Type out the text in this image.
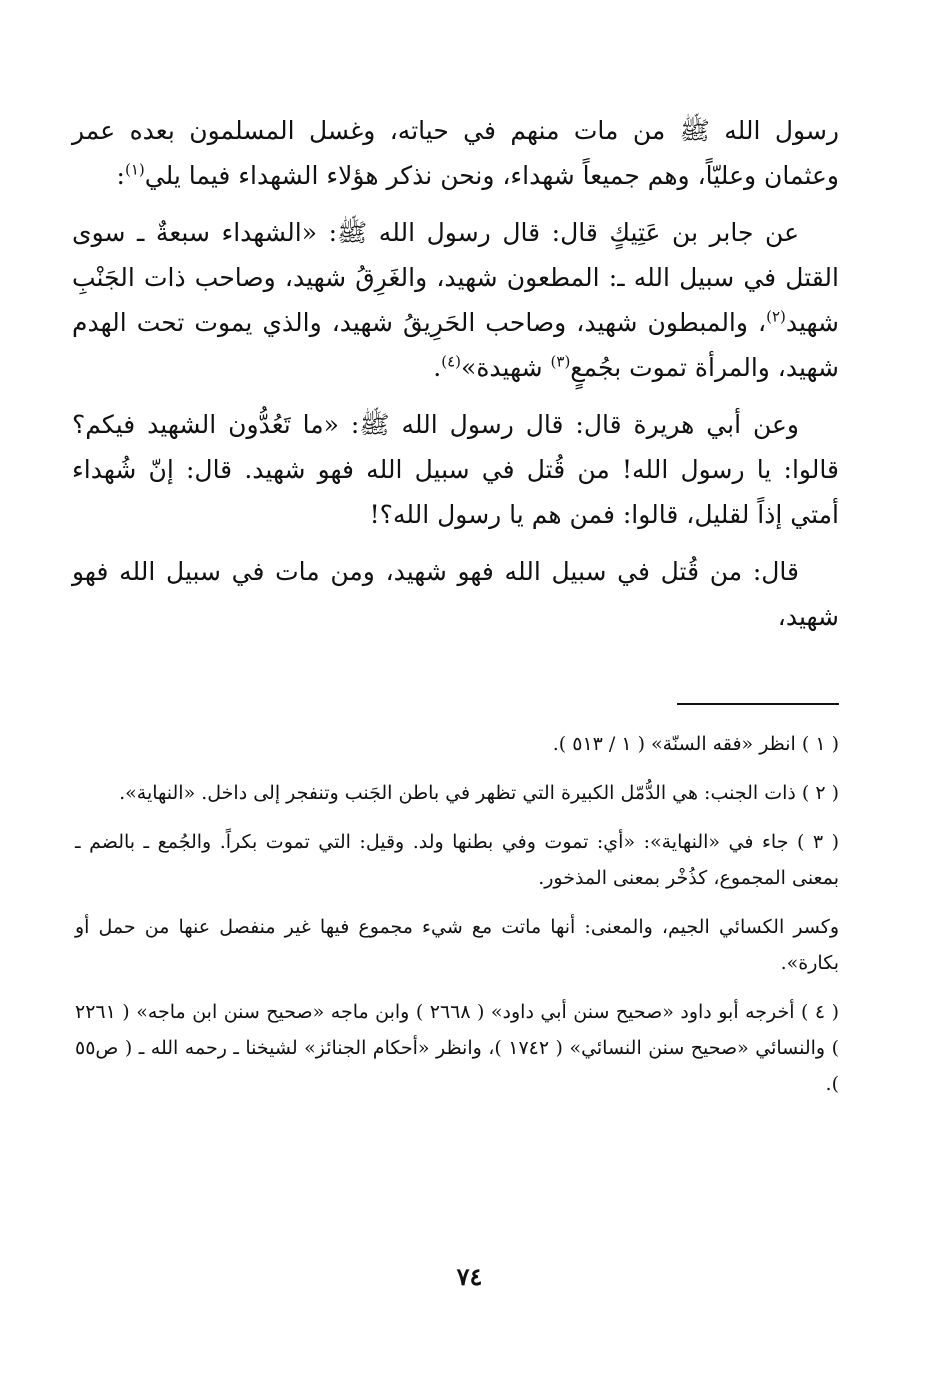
رسول الله ﷺ من مات منهم في حياته، وغسل المسلمون بعده عمر وعثمان وعليّاً، وهم جميعاً شهداء، ونحن نذكر هؤلاء الشهداء فيما يلي$^{(١)}$:

عن جابر بن عَتِيكٍ قال: قال رسول الله ﷺ: «الشهداء سبعةٌ ـ سوى القتل في سبيل الله ـ: المطعون شهيد، والغَرِقُ شهيد، وصاحب ذات الجَنْبِ شهيد$^{(٢)}$، والمبطون شهيد، وصاحب الحَرِيقُ شهيد، والذي يموت تحت الهدم شهيد، والمرأة تموت بجُمعٍ$^{(٣)}$ شهيدة»$^{(٤)}$.

وعن أبي هريرة قال: قال رسول الله ﷺ: «ما تَعُدُّون الشهيد فيكم؟ قالوا: يا رسول الله! من قُتل في سبيل الله فهو شهيد. قال: إنّ شُهداء أمتي إذاً لقليل، قالوا: فمن هم يا رسول الله؟!

قال: من قُتل في سبيل الله فهو شهيد، ومن مات في سبيل الله فهو شهيد،

( ١ ) انظر «فقه السنّة» ( ١ / ٥١٣ ).

( ٢ ) ذات الجنب: هي الدُّمّل الكبيرة التي تظهر في باطن الجَنب وتنفجر إلى داخل. «النهاية».

( ٣ ) جاء في «النهاية»: «أي: تموت وفي بطنها ولد. وقيل: التي تموت بكراً. والجُمع ـ بالضم ـ بمعنى المجموع، كذُخْر بمعنى المذخور.

وكسر الكسائي الجيم، والمعنى: أنها ماتت مع شيء مجموع فيها غير منفصل عنها من حمل أو بكارة».

( ٤ ) أخرجه أبو داود «صحيح سنن أبي داود» ( ٢٦٦٨ ) وابن ماجه «صحيح سنن ابن ماجه» ( ٢٢٦١ ) والنسائي «صحيح سنن النسائي» ( ١٧٤٢ )، وانظر «أحكام الجنائز» لشيخنا ـ رحمه الله ـ ( ص٥٥ ).

٧٤
